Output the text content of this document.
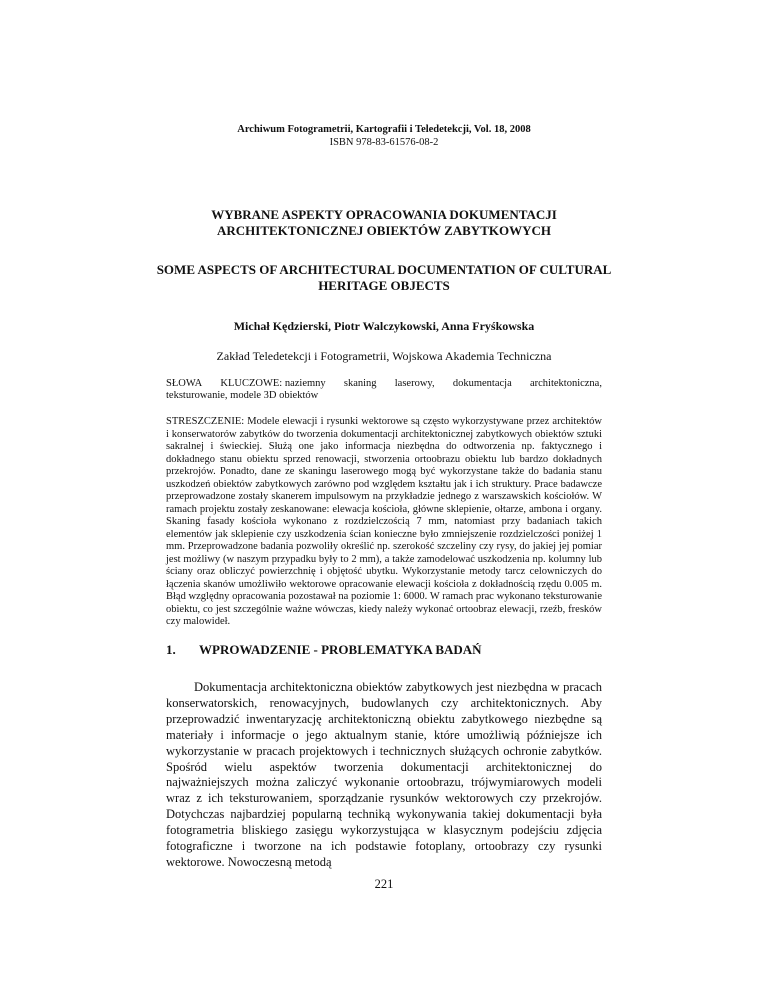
Archiwum Fotogrametrii, Kartografii i Teledetekcji, Vol. 18, 2008
ISBN 978-83-61576-08-2
WYBRANE ASPEKTY OPRACOWANIA DOKUMENTACJI
ARCHITEKTONICZNEJ OBIEKTÓW ZABYTKOWYCH
SOME ASPECTS OF ARCHITECTURAL DOCUMENTATION OF CULTURAL
HERITAGE OBJECTS
Michał Kędzierski, Piotr Walczykowski, Anna Fryśkowska
Zakład Teledetekcji i Fotogrametrii, Wojskowa Akademia Techniczna
SŁOWA KLUCZOWE: naziemny skaning laserowy, dokumentacja architektoniczna,
teksturowanie, modele 3D obiektów
STRESZCZENIE: Modele elewacji i rysunki wektorowe są często wykorzystywane przez architektów i konserwatorów zabytków do tworzenia dokumentacji architektonicznej zabytkowych obiektów sztuki sakralnej i świeckiej. Służą one jako informacja niezbędna do odtworzenia np. faktycznego i dokładnego stanu obiektu sprzed renowacji, stworzenia ortoobrazu obiektu lub bardzo dokładnych przekrojów. Ponadto, dane ze skaningu laserowego mogą być wykorzystane także do badania stanu uszkodzeń obiektów zabytkowych zarówno pod względem kształtu jak i ich struktury. Prace badawcze przeprowadzone zostały skanerem impulsowym na przykładzie jednego z warszawskich kościołów. W ramach projektu zostały zeskanowane: elewacja kościoła, główne sklepienie, ołtarze, ambona i organy. Skaning fasady kościoła wykonano z rozdzielczością 7 mm, natomiast przy badaniach takich elementów jak sklepienie czy uszkodzenia ścian konieczne było zmniejszenie rozdzielczości poniżej 1 mm. Przeprowadzone badania pozwoliły określić np. szerokość szczeliny czy rysy, do jakiej jej pomiar jest możliwy (w naszym przypadku były to 2 mm), a także zamodelować uszkodzenia np. kolumny lub ściany oraz obliczyć powierzchnię i objętość ubytku. Wykorzystanie metody tarcz celowniczych do łączenia skanów umożliwiło wektorowe opracowanie elewacji kościoła z dokładnością rzędu 0.005 m. Błąd względny opracowania pozostawał na poziomie 1: 6000. W ramach prac wykonano teksturowanie obiektu, co jest szczególnie ważne wówczas, kiedy należy wykonać ortoobraz elewacji, rzeźb, fresków czy malowideł.
1. WPROWADZENIE - PROBLEMATYKA BADAŃ
Dokumentacja architektoniczna obiektów zabytkowych jest niezbędna w pracach konserwatorskich, renowacyjnych, budowlanych czy architektonicznych. Aby przeprowadzić inwentaryzację architektoniczną obiektu zabytkowego niezbędne są materiały i informacje o jego aktualnym stanie, które umożliwią późniejsze ich wykorzystanie w pracach projektowych i technicznych służących ochronie zabytków. Spośród wielu aspektów tworzenia dokumentacji architektonicznej do najważniejszych można zaliczyć wykonanie ortoobrazu, trójwymiarowych modeli wraz z ich teksturowaniem, sporządzanie rysunków wektorowych czy przekrojów. Dotychczas najbardziej popularną techniką wykonywania takiej dokumentacji była fotogrametria bliskiego zasięgu wykorzystująca w klasycznym podejściu zdjęcia fotograficzne i tworzone na ich podstawie fotoplany, ortoobrazy czy rysunki wektorowe. Nowoczesną metodą
221
